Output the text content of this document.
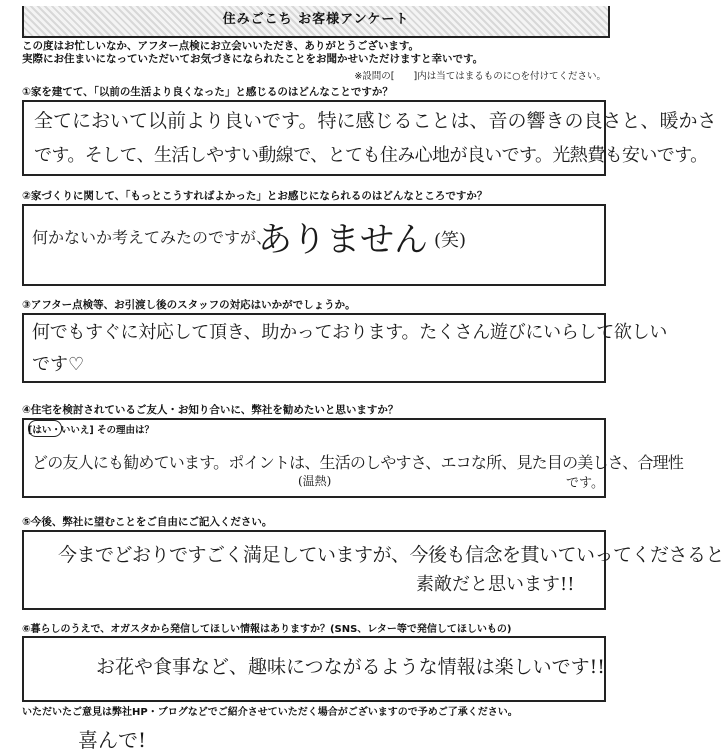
住みごこち お客様アンケート
この度はお忙しいなか、アフター点検にお立会いいただき、ありがとうございます。
実際にお住まいになっていただいてお気づきになられたことをお聞かせいただけますと幸いです。
※設問の[　　]内は当てはまるものに○を付けてください。
①家を建てて、「以前の生活より良くなった」と感じるのはどんなことですか？
全てにおいて以前より良いです。特に感じることは、音の響きの良さと、暖かさ
です。そして、生活しやすい動線で、とても住み心地が良いです。光熱費も安いです。
②家づくりに関して、「もっとこうすればよかった」とお感じになられるのはどんなところですか？
何かないか考えてみたのですが、
ありません (笑)
③アフター点検等、お引渡し後のスタッフの対応はいかがでしょうか。
何でもすぐに対応して頂き、助かっております。たくさん遊びにいらして欲しい
です♡
④住宅を検討されているご友人・お知り合いに、弊社を勧めたいと思いますか？
[はい・いいえ] その理由は？
どの友人にも勧めています。ポイントは、生活のしやすさ、エコな所、見た目の美しさ、合理性
(温熱)	です。
⑤今後、弊社に望むことをご自由にご記入ください。
今までどおりですごく満足していますが、今後も信念を貫いていってくださると
素敵だと思います!!
⑥暮らしのうえで、オガスタから発信してほしい情報はありますか？(SNS、レター等で発信してほしいもの)
お花や食事など、趣味につながるような情報は楽しいです!!
いただいたご意見は弊社HP・ブログなどでご紹介させていただく場合がございますので予めご了承ください。
喜んで!
